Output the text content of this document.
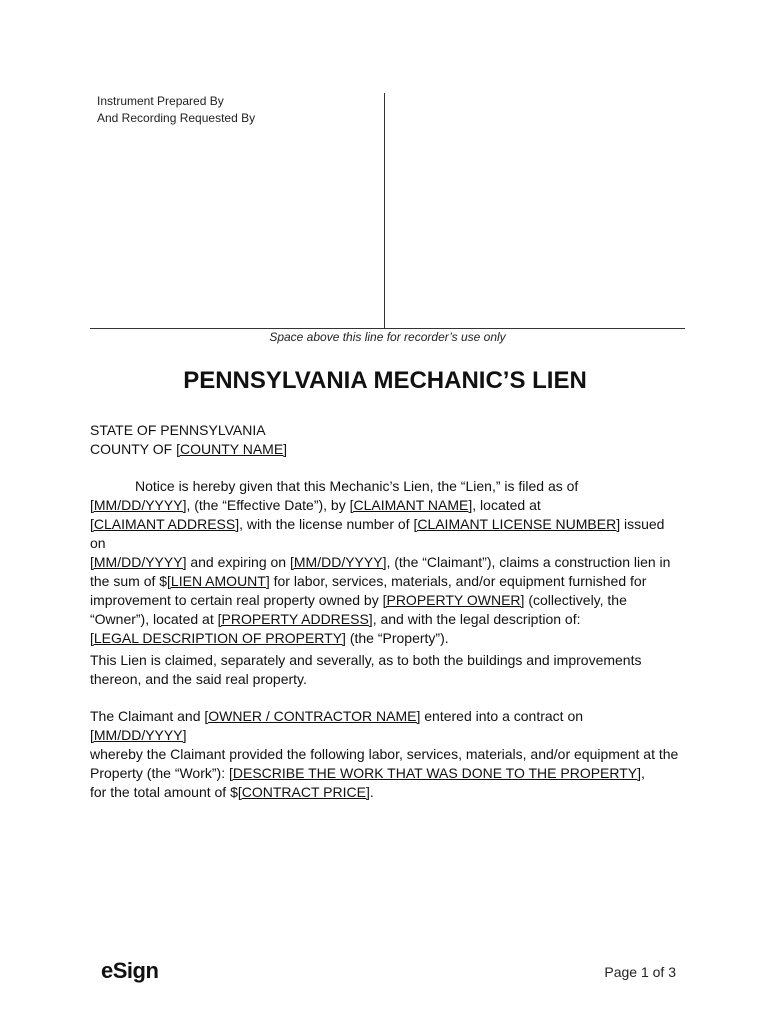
Instrument Prepared By
And Recording Requested By
Space above this line for recorder’s use only
PENNSYLVANIA MECHANIC’S LIEN
STATE OF PENNSYLVANIA
COUNTY OF [COUNTY NAME]
Notice is hereby given that this Mechanic’s Lien, the “Lien,” is filed as of
[MM/DD/YYYY], (the “Effective Date”), by [CLAIMANT NAME], located at
[CLAIMANT ADDRESS], with the license number of [CLAIMANT LICENSE NUMBER] issued on
[MM/DD/YYYY] and expiring on [MM/DD/YYYY], (the “Claimant”), claims a construction lien in
the sum of $[LIEN AMOUNT] for labor, services, materials, and/or equipment furnished for
improvement to certain real property owned by [PROPERTY OWNER] (collectively, the
“Owner”), located at [PROPERTY ADDRESS], and with the legal description of:
[LEGAL DESCRIPTION OF PROPERTY] (the “Property”).
This Lien is claimed, separately and severally, as to both the buildings and improvements
thereon, and the said real property.
The Claimant and [OWNER / CONTRACTOR NAME] entered into a contract on [MM/DD/YYYY]
whereby the Claimant provided the following labor, services, materials, and/or equipment at the
Property (the “Work”): [DESCRIBE THE WORK THAT WAS DONE TO THE PROPERTY],
for the total amount of $[CONTRACT PRICE].
eSign	Page 1 of 3
